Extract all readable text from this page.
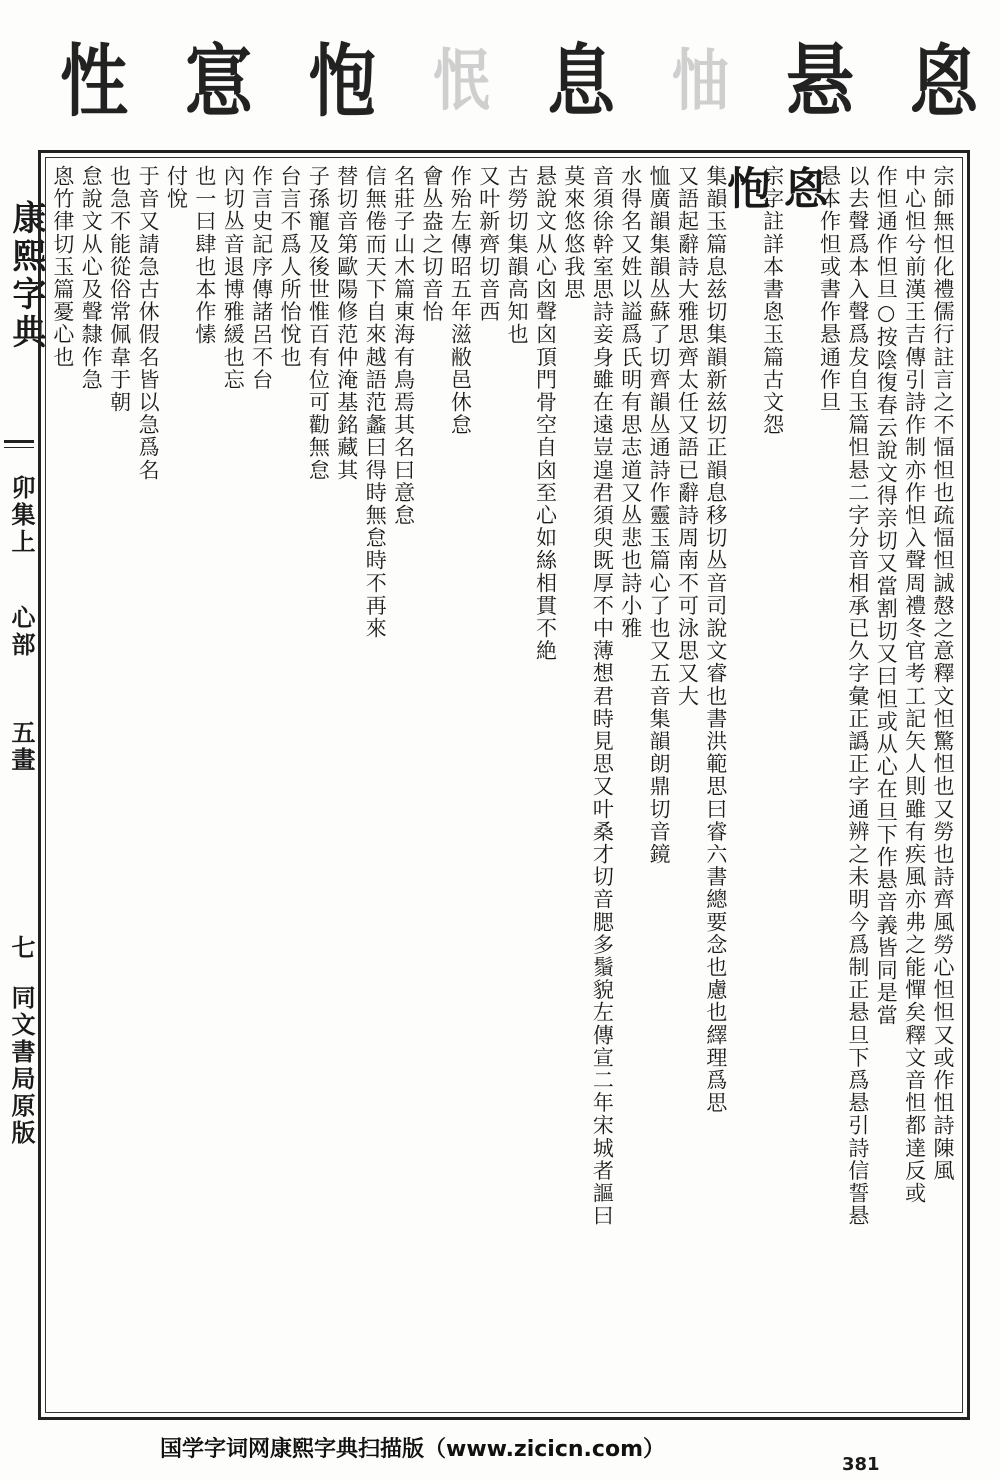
恖
悬
怞
息
怋
怉
悹
性
康熙字典
卯集上
心部
五畫
七
同文書局原版	宗師無怛化禮儒行註言之不愊怛也疏愊怛誠慤之意釋文怛驚怛也又勞也詩齊風勞心怛怛又或作怚詩陳風
中心怛兮前漢王吉傳引詩作制亦作怛入聲周禮冬官考工記矢人則雖有疾風亦弗之能憚矣釋文音怛都達反或
作怛通作怛旦○按陰復春云說文得亲切又當割切又曰怛或从心在旦下作悬音義皆同是當
以去聲爲本入聲爲犮自玉篇怛悬二字分音相承已久字彙正譌正字通辨之未明今爲制正悬旦下爲悬引詩信誓悬
悬本作怛或書作悬通作旦
恖
宗字註詳本書恖玉篇古文怨
怉
集韻玉篇息兹切集韻新兹切正韻息移切丛音司說文睿也書洪範思曰睿六書總要念也慮也繹理爲思
又語起辭詩大雅思齊太任又語已辭詩周南不可泳思又大
恤廣韻集韻丛蘇了切齊韻丛通詩作靈玉篇心了也又五音集韻朗鼎切音鏡
水得名又姓以謚爲氏明有思志道又丛悲也詩小雅
音須徐幹室思詩妾身雖在遠豈遑君須臾既厚不中薄想君時見思又叶桑才切音腮多鬚貌左傳宣二年宋城者謳曰
莫來悠悠我思
悬說文从心囟聲囟頂門骨空自囟至心如絲相貫不絶
古勞切集韻高知也
又叶新齊切音西
作殆左傳昭五年滋敝邑休怠
會丛盎之切音怡
名莊子山木篇東海有鳥焉其名曰意怠
信無倦而天下自來越語范蠡曰得時無怠時不再來
替切音第歐陽修范仲淹基銘藏其
子孫寵及後世惟百有位可勸無怠
台言不爲人所怡悅也
作言史記序傳諸呂不台
內切丛音退博雅緩也忘
也一曰肆也本作愫
付悅
于音又請急古休假名皆以急爲名
也急不能從俗常佩韋于朝
怠說文从心及聲隸作急
恖竹律切玉篇憂心也
国学字词网康熙字典扫描版（www.zicicn.com）
381
